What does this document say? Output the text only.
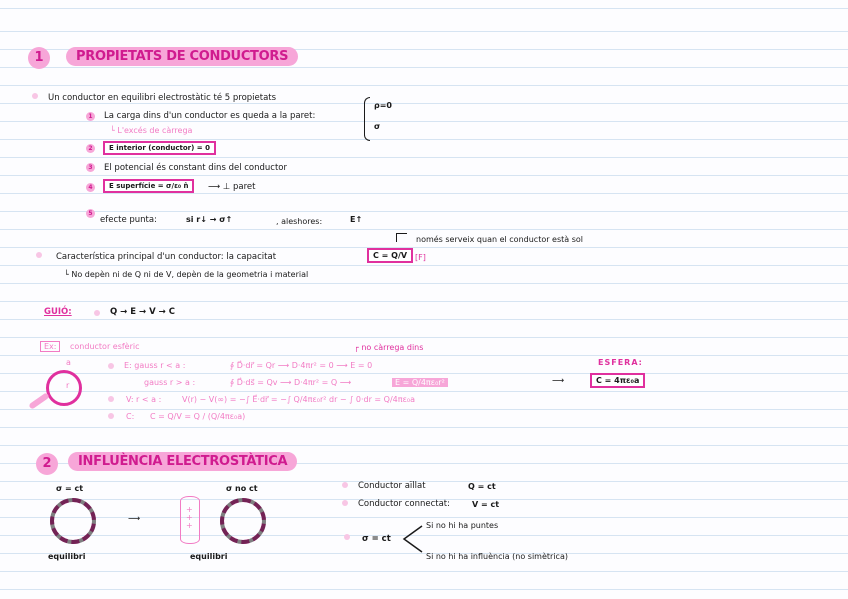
1	PROPIETATS DE CONDUCTORS
Un conductor en equilibri electrostàtic té 5 propietats
1 La carga dins d'un conductor es queda a la paret:
└ L'excés de càrrega
ρ=0
σ
2	E interior (conductor) = 0
3 El potencial és constant dins del conductor
4	E superfície = σ/ε₀ n̂	⟶ ⊥ paret
5
efecte punta:	si r↓ → σ↑	, aleshores:	E↑
només serveix quan el conductor està sol
Característica principal d'un conductor: la capacitat	C = Q/V [F]
└ No depèn ni de Q ni de V, depèn de la geometria i material
GUIÓ:	Q → E → V → C
Ex:	conductor esfèric	┌ no càrrega dins
a
r
E: gauss r < a :	∮ D⃗·dr⃗ = Qr ⟶ D·4πr² = 0 ⟶ E = 0
gauss r > a :	∮ D⃗·ds⃗ = Qv ⟶ D·4πr² = Q ⟶	E = Q/4πε₀r²
V: r < a :	V(r) − V(∞) = −∫ E⃗·dr⃗ = −∫ Q/4πε₀r² dr − ∫ 0·dr = Q/4πε₀a
C: C = Q/V = Q / (Q/4πε₀a)
⟶
ESFERA:
C = 4πε₀a
2	INFLUÈNCIA ELECTROSTÀTICA
σ = ct
equilibri
⟶
+
+
+
σ no ct
equilibri
Conductor aïllat	Q = ct
Conductor connectat:	V = ct
σ = ct
Si no hi ha puntes
Si no hi ha influència (no simètrica)
